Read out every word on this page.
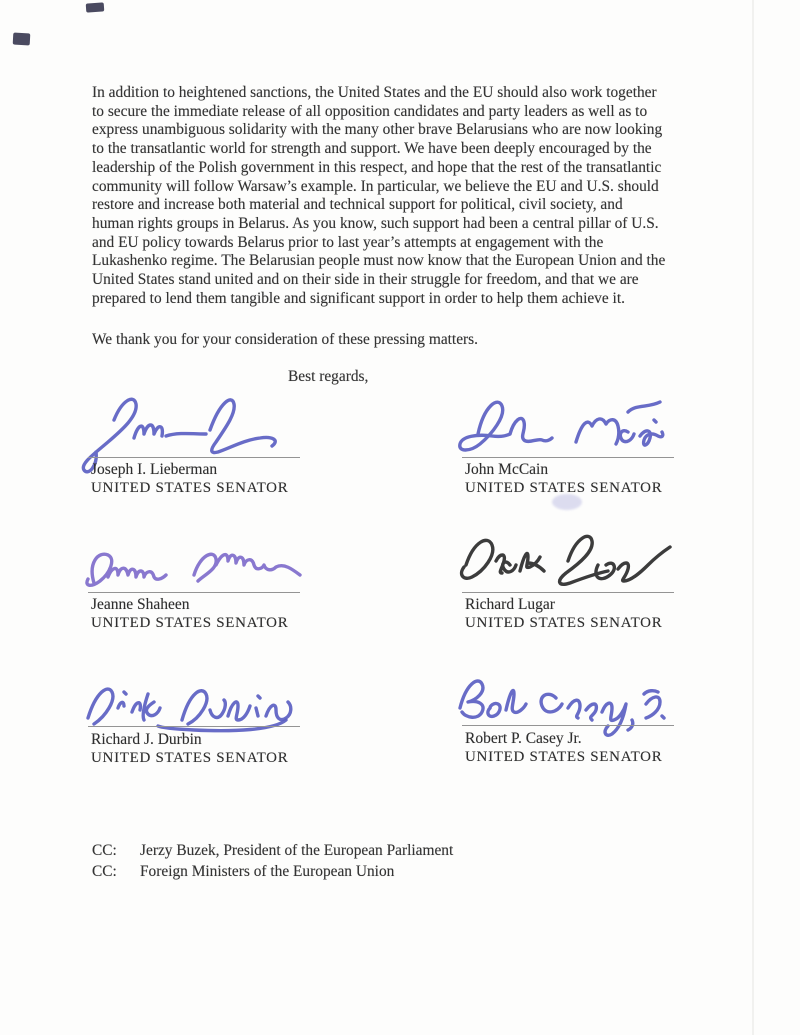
In addition to heightened sanctions, the United States and the EU should also work together
to secure the immediate release of all opposition candidates and party leaders as well as to
express unambiguous solidarity with the many other brave Belarusians who are now looking
to the transatlantic world for strength and support. We have been deeply encouraged by the
leadership of the Polish government in this respect, and hope that the rest of the transatlantic
community will follow Warsaw’s example. In particular, we believe the EU and U.S. should
restore and increase both material and technical support for political, civil society, and
human rights groups in Belarus. As you know, such support had been a central pillar of U.S.
and EU policy towards Belarus prior to last year’s attempts at engagement with the
Lukashenko regime. The Belarusian people must now know that the European Union and the
United States stand united and on their side in their struggle for freedom, and that we are
prepared to lend them tangible and significant support in order to help them achieve it.
We thank you for your consideration of these pressing matters.
Best regards,
Joseph I. Lieberman
UNITED STATES SENATOR
John McCain
UNITED STATES SENATOR
Jeanne Shaheen
UNITED STATES SENATOR
Richard Lugar
UNITED STATES SENATOR
Richard J. Durbin
UNITED STATES SENATOR
Robert P. Casey Jr.
UNITED STATES SENATOR
CC: Jerzy Buzek, President of the European Parliament
CC: Foreign Ministers of the European Union
